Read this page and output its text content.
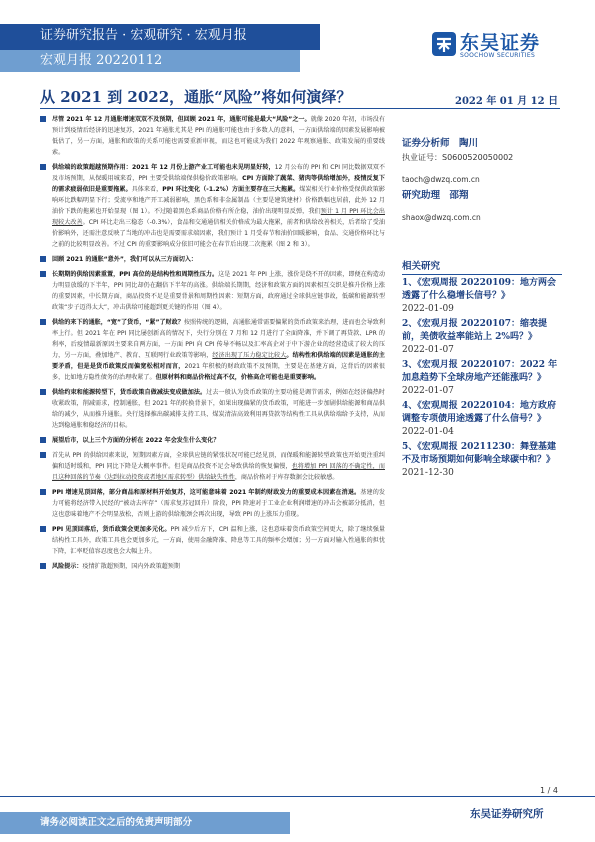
证券研究报告 · 宏观研究 · 宏观月报
宏观月报 20220112
东吴证券
SOOCHOW SECURITIES
从 2021 到 2022，通胀“风险”将如何演绎？	2022 年 01 月 12 日
尽管 2021 年 12 月通胀增速双双不及预期，但回顾 2021 年，通胀可能是最大“风险”之一。就像 2020 年初，市场没有预计到疫情后经济的迅速复苏，2021 年通胀尤其是 PPI 的通胀可能也由于多数人的意料，一方面供给端的因素发展影响被低估了，另一方面，通胀和政策的关系可能也需要重新审视，而这也可能成为我们 2022 年观察通胀、政策发展的重要线索。
供给端的政策超越预期作用：2021 年 12 月份上游产业工可能也未见明显好转，12 月公布的 PPI 和 CPI 同比数据双双不及市场预期，从保暖用城来看，PPI 主要受供给端保供稳价政策影响。CPI 方面除了蔬菜、猪肉等供给增加外，疫情反复下的需求疲弱依旧是重要拖累。具体来看，PPI 环比变化（-1.2%）方面主要存在三大拖累。煤炭相关行业价格受保供政策影响环比跌幅明显下行；受流享和地产开工减弱影响，黑色系和非金属制品（主要是建筑建材）价格跌幅也居前，此外 12 月油价下跌的拖累也开始显现（图 1）。不过随着黑色系商品价格有所企稳，油价出现明显反弹，我们预计 1 月 PPI 环比会出现较大改善。CPI 环比走出三稳态（-0.3%），食品和交通通信相关价格成为最大拖累，前者和供给改善相关，后者给了受油价影响外，还需注意反映了当地的冲击也是需要需求端因素，我们预计 1 月受春节和油价回暖影响，食品、交通价格环比与之前的比较明显改善。不过 CPI 的重要影响成分依旧可能会在春节后出现二次拖累（图 2 和 3）。
回顾 2021 的通胀“意外”，我们可以从三方面切入：
长期期的供给因素重置，PPI 高位的是结构性和周期性压力。这是 2021 年 PPI 上涨，涨价是绕不开的因素，即便在构造动力明显放缓的下半年，PPI 同比却仍在翻倍下半年的高涨。供给端长期期，经济和政策方面的因素相互交织是推升价格上涨的重要因素，中长期方面，商品投资不足是重要背景和周期性因素：短期方面，政府通过全球供应链事故，低碳和能源转型政策“步子迈得太大”，冲击供给可能超到更关键的作用（图 4）。
供给的来下的通胀，“宽”了货币，“紧”了财政？按照传统的逻辑，高通胀通常需要偏紧的货币政策来治理，进而也会导致利率上行。但 2021 年在 PPI 同比屡创新高的情况下，央行分别在 7 月和 12 月进行了全面降准，并下调了再贷款、LPR 的利率，后疫情最新原因主要来自两方面，一方面 PPI 向 CPI 传导不畅以及汇率高企对于中下游企业的经营造成了较大的压力，另一方面，叠加地产、教育、互联网行业政策等影响，经济出现了压力稳定比较大。结构性和供给端的因素是通胀的主要矛盾，但是是货币政策反而偏宽松相对而言，2021 年积极的财政政策不及预期，主要是在基建方面，这背后的因素很多，比如地方隐性债务的治理收紧了。但原材料和商品价格过高不仅，价格高企可能也是重要影响。
供给约束和能源转型下，货币政策自做减法变成做加法。过去一般认为货币政策的主要功能是调节需求，例如在经济偏热时收紧政策，削减需求，控制通胀，但 2021 年的转换背景下，如果出现偏紧的货币政策，可能进一步加剧供给能源和商品供给的减少，从而推升通胀。央行选择推出碳减排支持工具、煤炭清洁高效利用再贷款等结构性工具从供给端给予支持，从而达到稳通胀和稳经济的目标。
展望后市，以上三个方面的分析在 2022 年会发生什么变化？
首先从 PPI 的供给因素来说，短期因素方面，全球供应链的紧张状况可能已经见顶，而保暖和能源转型政策也开始更注重纠偏和适时缓和，PPI 同比下降是大概率事件。但是商品投资不足会导致供给的恢复偏慢，也将增加 PPI 回落的不确定性，而且这种回落的节奏（达到拉动投资或者地区需求转型）供给缺失性性，商品价格对于库存数据会比较敏感。
PPI 增速见顶回落，部分商品和原材料开始复苏，这可能意味着 2021 年制约财政发力的重要成本因素在消退。基建的发力可能将经济带入民经的“被动去库存”（需求复苏冠回升）阶段，PPI 降速对于工业企业利润增速的冲击会被部分抵消，但这也意味着地产不会明显放松，否则上游的供给瓶颈会再次出现，导致 PPI 的上涨压力重现。
PPI 见顶回落后，货币政策会更加多元化。PPI 减少后方下，CPI 温和上涨，这也意味着货币政策空间更大，除了继续强量结构性工具外，政策工具也会更加多元，一方面，使用金融降准、降息等工具的频率会增加；另一方面对输入性通胀的担忧下降，汇率贬值容忍度也会大幅上升。
风险提示：疫情扩散超预期，国内外政策超预期
证券分析师　陶川
执业证号：S0600520050002
taoch@dwzq.com.cn
研究助理　邵翔
shaox@dwzq.com.cn
相关研究
1、《宏观周报 20220109：地方两会透露了什么稳增长信号？》
2022-01-09
2、《宏观月报 20220107：缩表提前，美债收益率能站上 2%吗？》
2022-01-07
3、《宏观月报 20220107：2022 年加息趋势下全球房地产还能涨吗？》
2022-01-07
4、《宏观周报 20220104：地方政府调整专项债用途透露了什么信号？》
2022-01-04
5、《宏观周报 20211230：舞登基建不及市场预期如何影响全球碳中和？》
2021-12-30
1 / 4
请务必阅读正文之后的免责声明部分
东吴证券研究所
